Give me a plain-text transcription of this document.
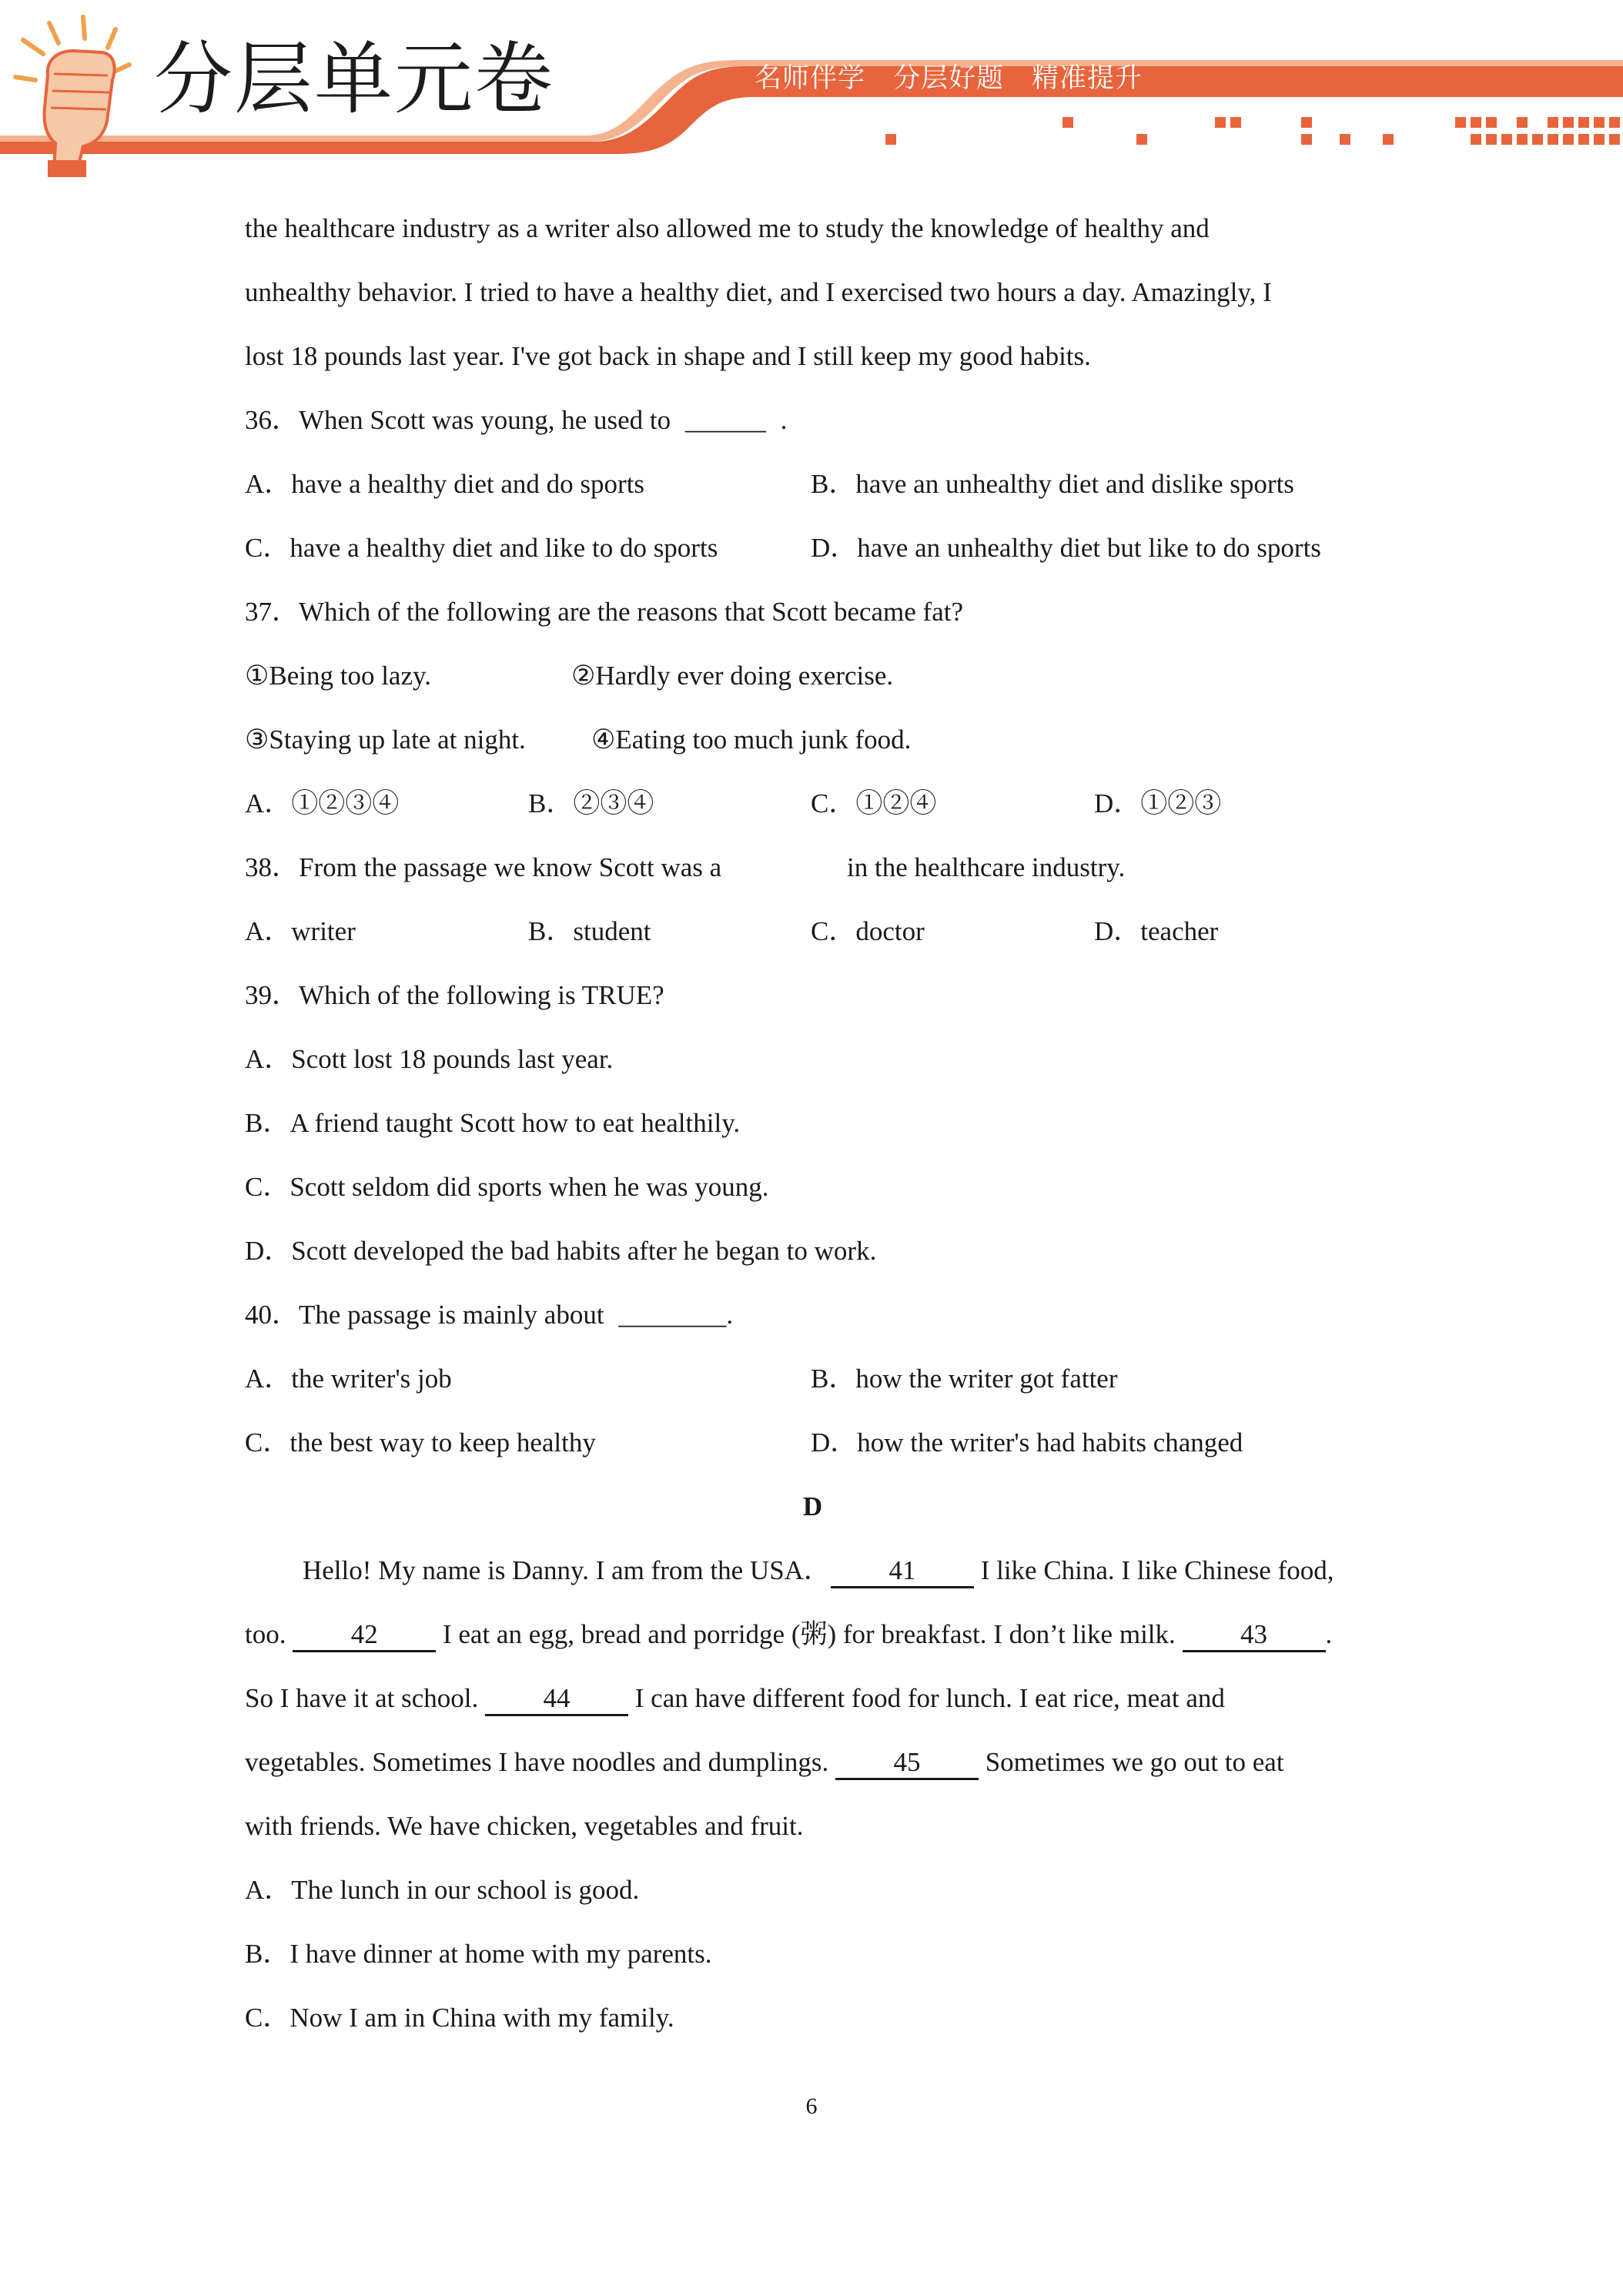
分层单元卷	名师伴学 分层好题 精准提升
the healthcare industry as a writer also allowed me to study the knowledge of healthy and
unhealthy behavior. I tried to have a healthy diet, and I exercised two hours a day. Amazingly, I
lost 18 pounds last year. I've got back in shape and I still keep my good habits.
36．When Scott was young, he used to ______ .
A．have a healthy diet and do sports	B．have an unhealthy diet and dislike sports
C．have a healthy diet and like to do sports	D．have an unhealthy diet but like to do sports
37．Which of the following are the reasons that Scott became fat?
①Being too lazy.	②Hardly ever doing exercise.
③Staying up late at night. ④Eating too much junk food.
A．①②③④	B．②③④	C．①②④	D．①②③
38．From the passage we know Scott was a	in the healthcare industry.
A．writer	B．student	C．doctor	D．teacher
39．Which of the following is TRUE?
A．Scott lost 18 pounds last year.
B．A friend taught Scott how to eat healthily.
C．Scott seldom did sports when he was young.
D．Scott developed the bad habits after he began to work.
40．The passage is mainly about ________.
A．the writer's job	B．how the writer got fatter
C．the best way to keep healthy	D．how the writer's had habits changed
D
Hello! My name is Danny. I am from the USA． 41 I like China. I like Chinese food,
too. 42 I eat an egg, bread and porridge (粥) for breakfast. I don’t like milk. 43 .
So I have it at school. 44 I can have different food for lunch. I eat rice, meat and
vegetables. Sometimes I have noodles and dumplings. 45 Sometimes we go out to eat
with friends. We have chicken, vegetables and fruit.
A．The lunch in our school is good.
B．I have dinner at home with my parents.
C．Now I am in China with my family.
6
